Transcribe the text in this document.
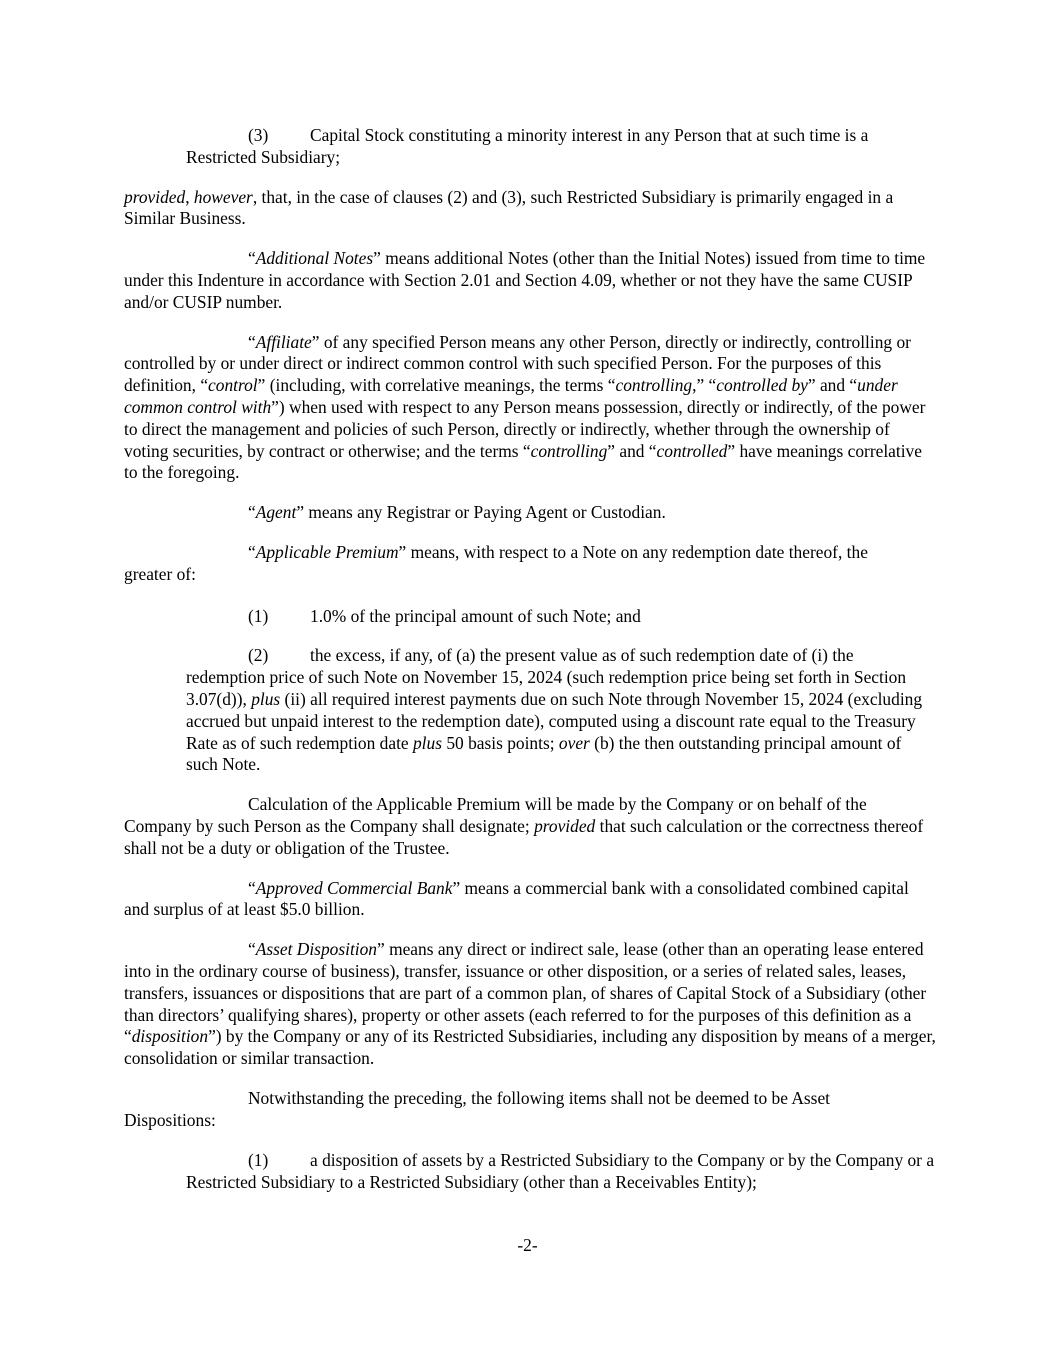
(3) Capital Stock constituting a minority interest in any Person that at such time is a Restricted Subsidiary;

provided, however, that, in the case of clauses (2) and (3), such Restricted Subsidiary is primarily engaged in a Similar Business.

“Additional Notes” means additional Notes (other than the Initial Notes) issued from time to time under this Indenture in accordance with Section 2.01 and Section 4.09, whether or not they have the same CUSIP and/or CUSIP number.

“Affiliate” of any specified Person means any other Person, directly or indirectly, controlling or controlled by or under direct or indirect common control with such specified Person. For the purposes of this definition, “control” (including, with correlative meanings, the terms “controlling,” “controlled by” and “under common control with”) when used with respect to any Person means possession, directly or indirectly, of the power to direct the management and policies of such Person, directly or indirectly, whether through the ownership of voting securities, by contract or otherwise; and the terms “controlling” and “controlled” have meanings correlative to the foregoing.

“Agent” means any Registrar or Paying Agent or Custodian.

“Applicable Premium” means, with respect to a Note on any redemption date thereof, the

greater of:

(1) 1.0% of the principal amount of such Note; and

(2) the excess, if any, of (a) the present value as of such redemption date of (i) the redemption price of such Note on November 15, 2024 (such redemption price being set forth in Section 3.07(d)), plus (ii) all required interest payments due on such Note through November 15, 2024 (excluding accrued but unpaid interest to the redemption date), computed using a discount rate equal to the Treasury Rate as of such redemption date plus 50 basis points; over (b) the then outstanding principal amount of such Note.

Calculation of the Applicable Premium will be made by the Company or on behalf of the Company by such Person as the Company shall designate; provided that such calculation or the correctness thereof shall not be a duty or obligation of the Trustee.

“Approved Commercial Bank” means a commercial bank with a consolidated combined capital and surplus of at least $5.0 billion.

“Asset Disposition” means any direct or indirect sale, lease (other than an operating lease entered into in the ordinary course of business), transfer, issuance or other disposition, or a series of related sales, leases, transfers, issuances or dispositions that are part of a common plan, of shares of Capital Stock of a Subsidiary (other than directors’ qualifying shares), property or other assets (each referred to for the purposes of this definition as a “disposition”) by the Company or any of its Restricted Subsidiaries, including any disposition by means of a merger, consolidation or similar transaction.

Notwithstanding the preceding, the following items shall not be deemed to be Asset

Dispositions:

(1) a disposition of assets by a Restricted Subsidiary to the Company or by the Company or a Restricted Subsidiary to a Restricted Subsidiary (other than a Receivables Entity);

-2-
